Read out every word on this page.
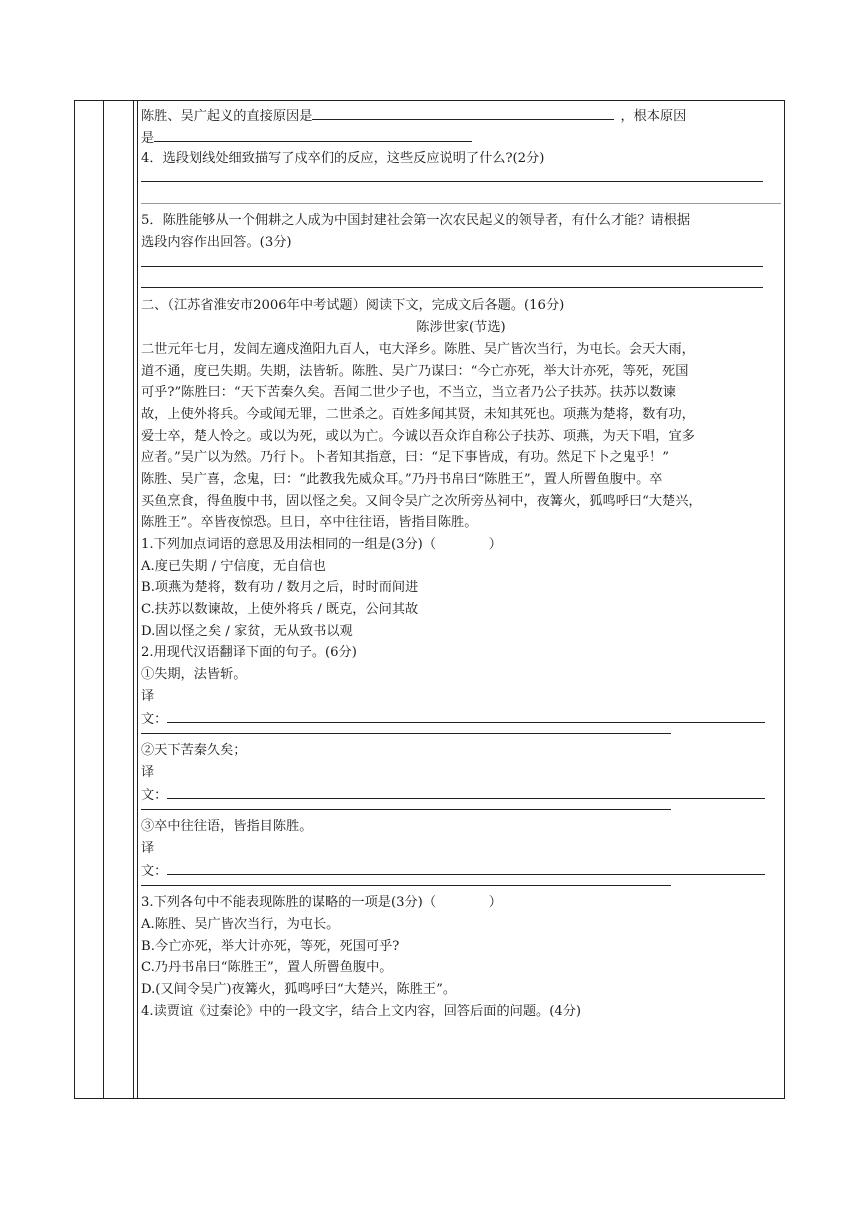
陈胜、吴广起义的直接原因是	，根本原因
是
4．选段划线处细致描写了戍卒们的反应，这些反应说明了什么?(2分)
5．陈胜能够从一个佣耕之人成为中国封建社会第一次农民起义的领导者，有什么才能？请根据
选段内容作出回答。(3分)
二、（江苏省淮安市2006年中考试题）阅读下文，完成文后各题。(16分)
陈涉世家(节选)
二世元年七月，发闾左適戍渔阳九百人，屯大泽乡。陈胜、吴广皆次当行，为屯长。会天大雨，
道不通，度已失期。失期，法皆斩。陈胜、吴广乃谋曰：“今亡亦死，举大计亦死，等死，死国
可乎?”陈胜曰：“天下苦秦久矣。吾闻二世少子也，不当立，当立者乃公子扶苏。扶苏以数谏
故，上使外将兵。今或闻无罪，二世杀之。百姓多闻其贤，未知其死也。项燕为楚将，数有功，
爱士卒，楚人怜之。或以为死，或以为亡。今诚以吾众诈自称公子扶苏、项燕，为天下唱，宜多
应者。”吴广以为然。乃行卜。卜者知其指意，曰：“足下事皆成，有功。然足下卜之鬼乎！”
陈胜、吴广喜，念鬼，曰：“此教我先威众耳。”乃丹书帛曰“陈胜王”，置人所罾鱼腹中。卒
买鱼烹食，得鱼腹中书，固以怪之矣。又间令吴广之次所旁丛祠中，夜篝火，狐鸣呼曰“大楚兴，
陈胜王”。卒皆夜惊恐。旦日，卒中往往语，皆指目陈胜。
1.下列加点词语的意思及用法相同的一组是(3分)（　　　　）
A.度已失期 / 宁信度，无自信也
B.项燕为楚将，数有功 / 数月之后，时时而间进
C.扶苏以数谏故，上使外将兵 / 既克，公问其故
D.固以怪之矣 / 家贫，无从致书以观
2.用现代汉语翻译下面的句子。(6分)
①失期，法皆斩。
译
文：
②天下苦秦久矣；
译
文：
③卒中往往语，皆指目陈胜。
译
文：
3.下列各句中不能表现陈胜的谋略的一项是(3分)（　　　　）
A.陈胜、吴广皆次当行，为屯长。
B.今亡亦死，举大计亦死，等死，死国可乎?
C.乃丹书帛曰“陈胜王”，置人所罾鱼腹中。
D.(又间令吴广)夜篝火，狐鸣呼曰“大楚兴，陈胜王”。
4.读贾谊《过秦论》中的一段文字，结合上文内容，回答后面的问题。(4分)
